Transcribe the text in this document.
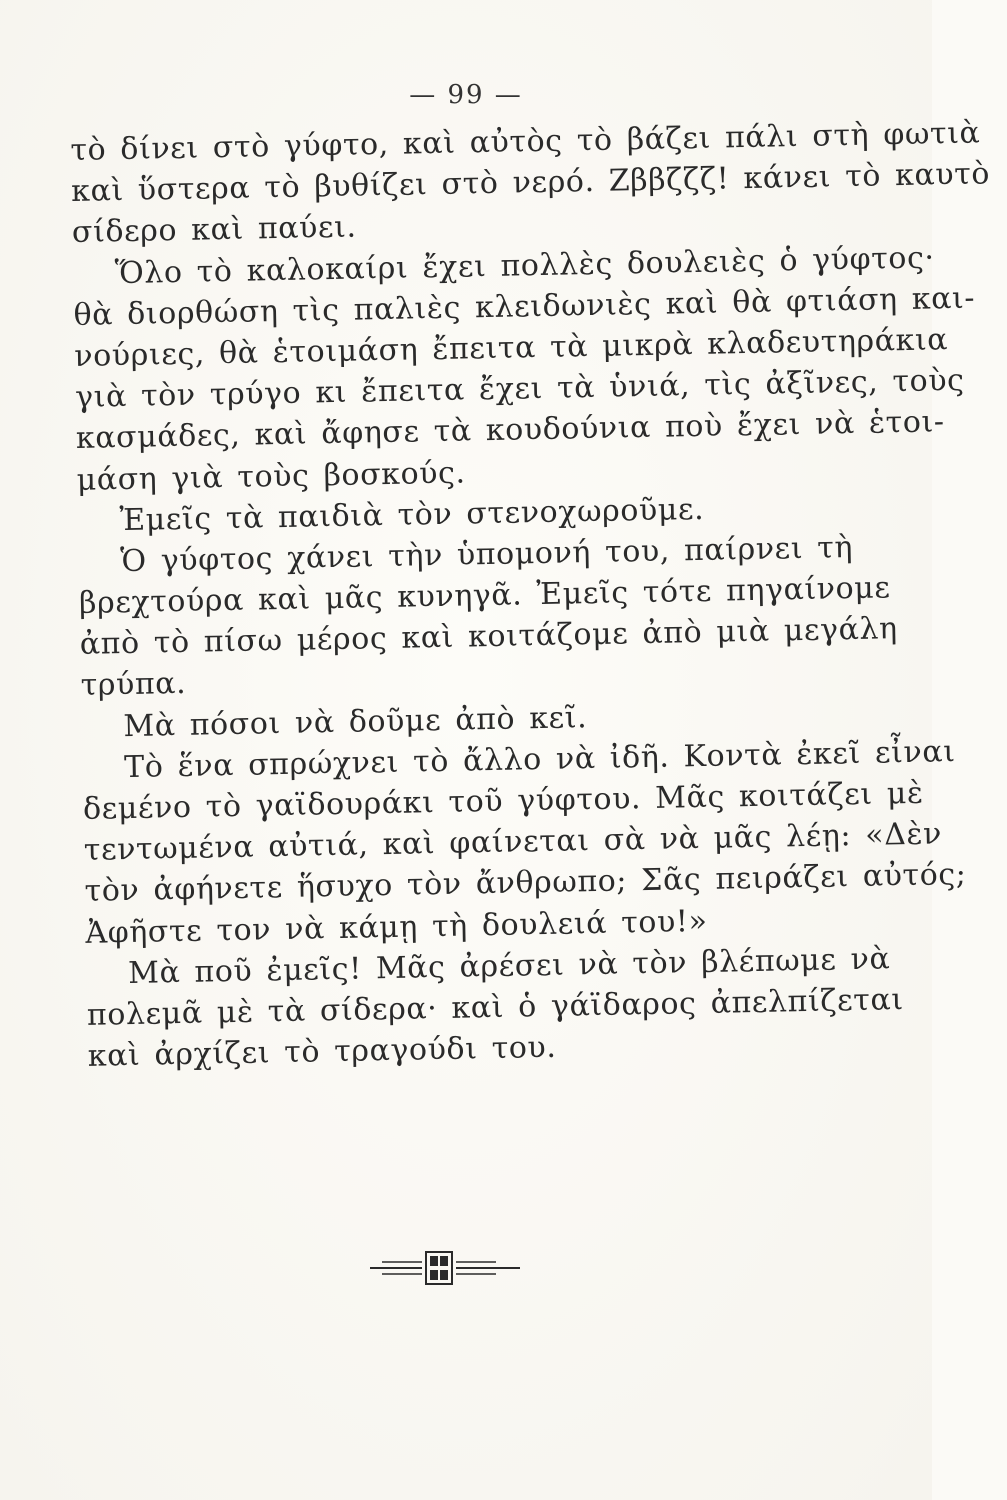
— 99 —
τὸ δίνει στὸ γύφτο, καὶ αὐτὸς τὸ βάζει πάλι στὴ φωτιὰ
καὶ ὕστερα τὸ βυθίζει στὸ νερό. Ζββζζζ! κάνει τὸ καυτὸ
σίδερο καὶ παύει.
Ὅλο τὸ καλοκαίρι ἔχει πολλὲς δουλειὲς ὁ γύφτος·
θὰ διορθώση τὶς παλιὲς κλειδωνιὲς καὶ θὰ φτιάση και-
νούριες, θὰ ἑτοιμάση ἔπειτα τὰ μικρὰ κλαδευτηράκια
γιὰ τὸν τρύγο κι ἔπειτα ἔχει τὰ ὑνιά, τὶς ἀξῖνες, τοὺς
κασμάδες, καὶ ἄφησε τὰ κουδούνια ποὺ ἔχει νὰ ἑτοι-
μάση γιὰ τοὺς βοσκούς.
Ἐμεῖς τὰ παιδιὰ τὸν στενοχωροῦμε.
Ὁ γύφτος χάνει τὴν ὑπομονή του, παίρνει τὴ
βρεχτούρα καὶ μᾶς κυνηγᾶ. Ἐμεῖς τότε πηγαίνομε
ἀπὸ τὸ πίσω μέρος καὶ κοιτάζομε ἀπὸ μιὰ μεγάλη
τρύπα.
Μὰ πόσοι νὰ δοῦμε ἀπὸ κεῖ.
Τὸ ἕνα σπρώχνει τὸ ἄλλο νὰ ἰδῆ. Κοντὰ ἐκεῖ εἶναι
δεμένο τὸ γαϊδουράκι τοῦ γύφτου. Μᾶς κοιτάζει μὲ
τεντωμένα αὐτιά, καὶ φαίνεται σὰ νὰ μᾶς λέῃ: «Δὲν
τὸν ἀφήνετε ἥσυχο τὸν ἄνθρωπο; Σᾶς πειράζει αὐτός;
Ἀφῆστε τον νὰ κάμῃ τὴ δουλειά του!»
Μὰ ποῦ ἐμεῖς! Μᾶς ἀρέσει νὰ τὸν βλέπωμε νὰ
πολεμᾶ μὲ τὰ σίδερα· καὶ ὁ γάϊδαρος ἀπελπίζεται
καὶ ἀρχίζει τὸ τραγούδι του.
